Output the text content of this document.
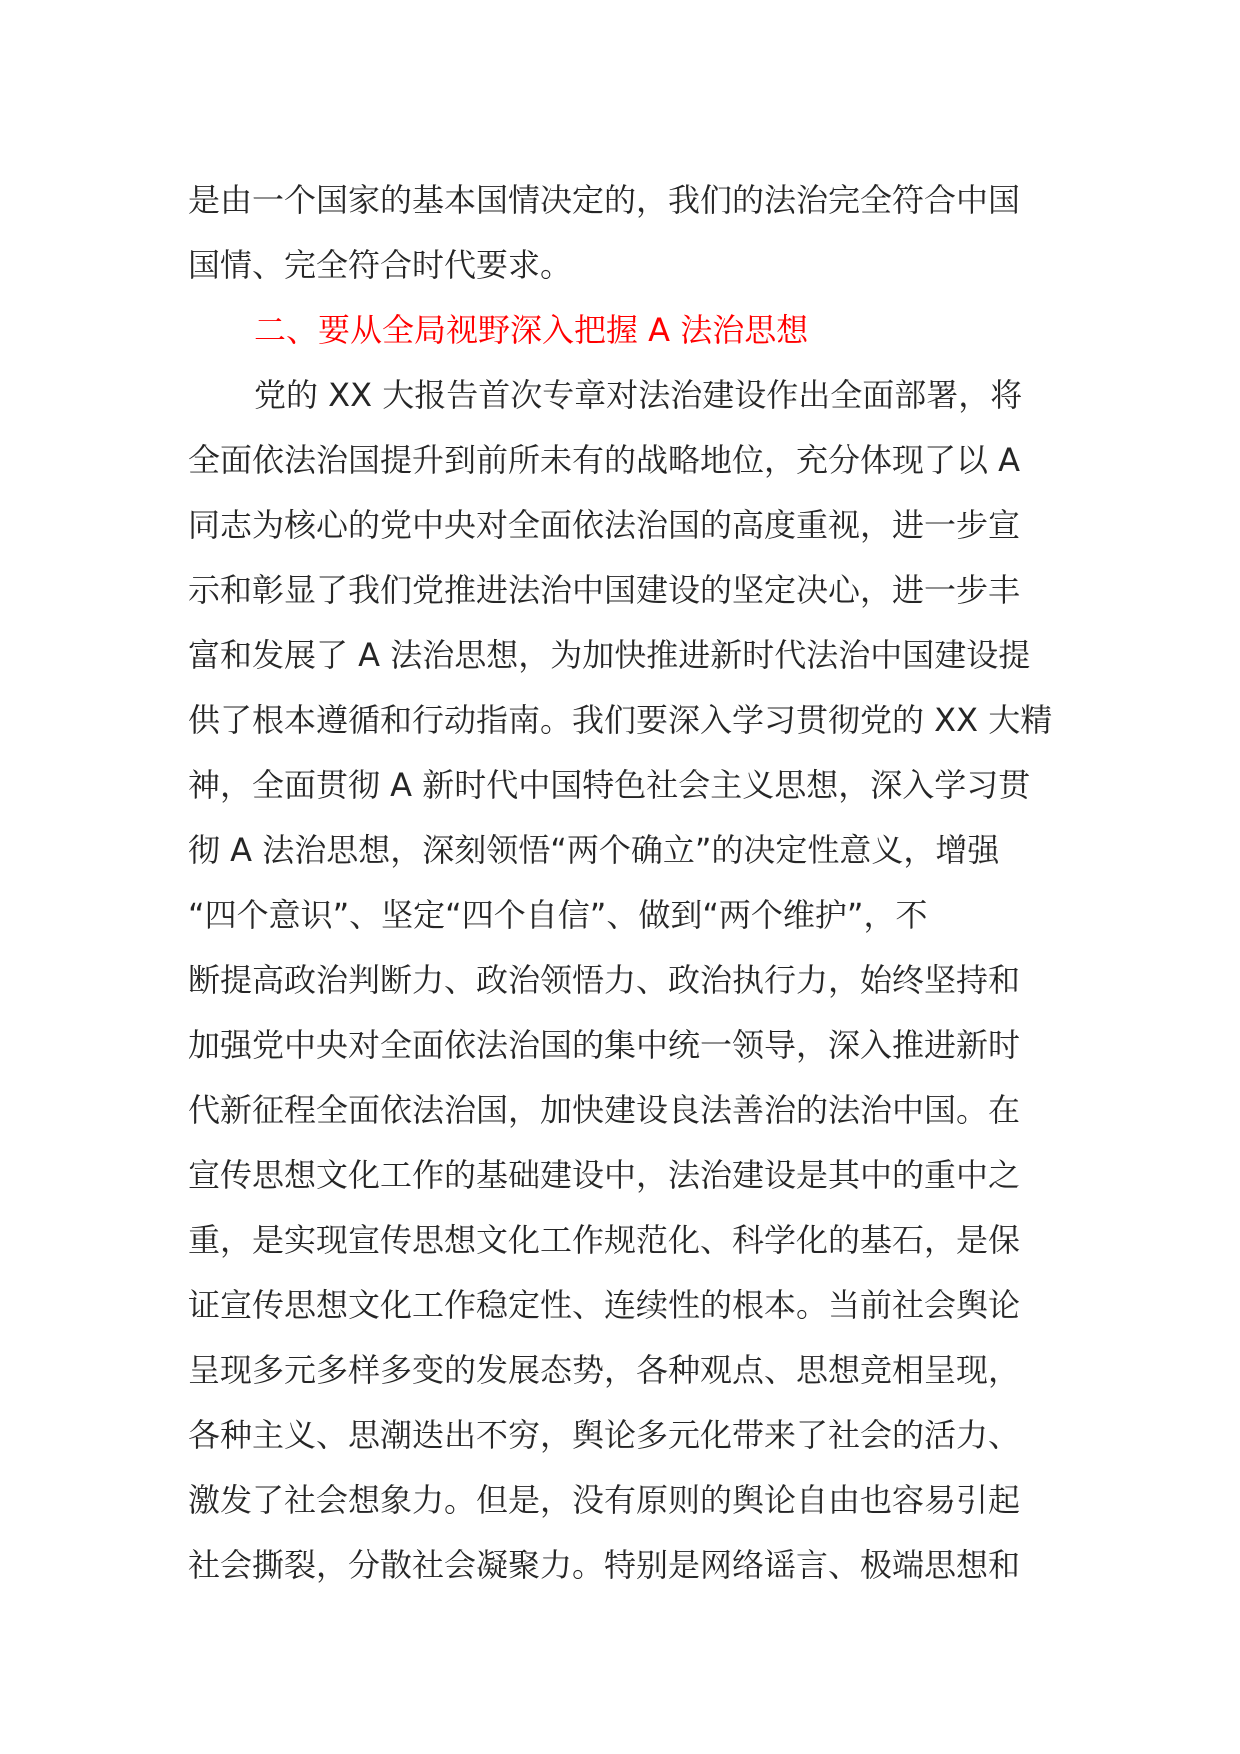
是由一个国家的基本国情决定的，我们的法治完全符合中国
国情、完全符合时代要求。
二、要从全局视野深入把握 A 法治思想
党的 XX 大报告首次专章对法治建设作出全面部署，将
全面依法治国提升到前所未有的战略地位，充分体现了以 A
同志为核心的党中央对全面依法治国的高度重视，进一步宣
示和彰显了我们党推进法治中国建设的坚定决心，进一步丰
富和发展了 A 法治思想，为加快推进新时代法治中国建设提
供了根本遵循和行动指南。我们要深入学习贯彻党的 XX 大精
神，全面贯彻 A 新时代中国特色社会主义思想，深入学习贯
彻 A 法治思想，深刻领悟“两个确立”的决定性意义，增强
“四个意识”、坚定“四个自信”、做到“两个维护”，不
断提高政治判断力、政治领悟力、政治执行力，始终坚持和
加强党中央对全面依法治国的集中统一领导，深入推进新时
代新征程全面依法治国，加快建设良法善治的法治中国。在
宣传思想文化工作的基础建设中，法治建设是其中的重中之
重，是实现宣传思想文化工作规范化、科学化的基石，是保
证宣传思想文化工作稳定性、连续性的根本。当前社会舆论
呈现多元多样多变的发展态势，各种观点、思想竞相呈现，
各种主义、思潮迭出不穷，舆论多元化带来了社会的活力、
激发了社会想象力。但是，没有原则的舆论自由也容易引起
社会撕裂，分散社会凝聚力。特别是网络谣言、极端思想和
